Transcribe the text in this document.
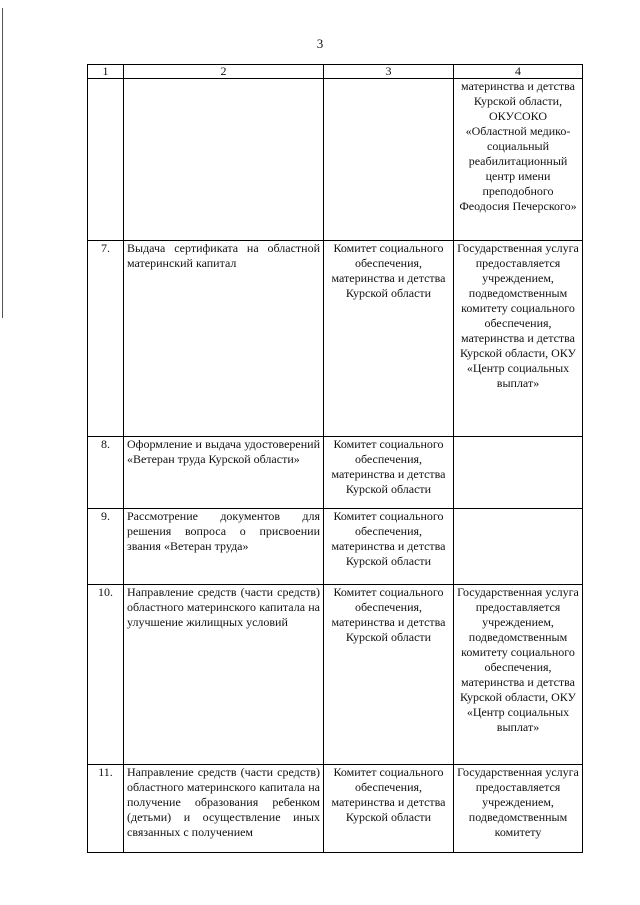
3
1	2	3	4
			материнства и детства Курской области, ОКУСОКО «Областной медико-социальный реабилитационный центр имени преподобного Феодосия Печерского»
7.	Выдача сертификата на областной материнский капитал	Комитет социального обеспечения, материнства и детства Курской области	Государственная услуга предоставляется учреждением, подведомственным комитету социального обеспечения, материнства и детства Курской области, ОКУ «Центр социальных выплат»
8.	Оформление и выдача удостоверений «Ветеран труда Курской области»	Комитет социального обеспечения, материнства и детства Курской области	
9.	Рассмотрение документов для решения вопроса о присвоении звания «Ветеран труда»	Комитет социального обеспечения, материнства и детства Курской области	
10.	Направление средств (части средств) областного материнского капитала на улучшение жилищных условий	Комитет социального обеспечения, материнства и детства Курской области	Государственная услуга предоставляется учреждением, подведомственным комитету социального обеспечения, материнства и детства Курской области, ОКУ «Центр социальных выплат»
11.	Направление средств (части средств) областного материнского капитала на получение образования ребенком (детьми) и осуществление иных связанных с получением	Комитет социального обеспечения, материнства и детства Курской области	Государственная услуга предоставляется учреждением, подведомственным комитету
